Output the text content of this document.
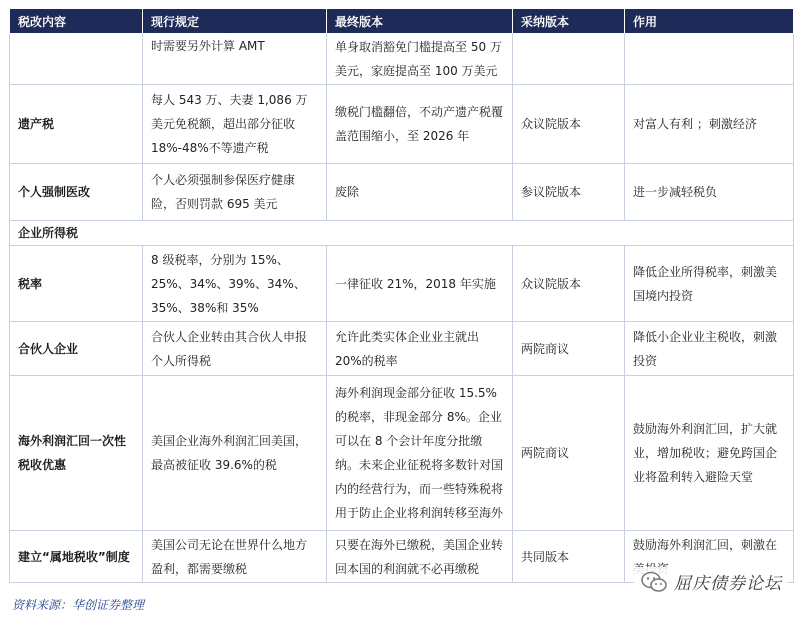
税改内容	现行规定	最终版本	采纳版本	作用
	时需要另外计算 AMT	单身取消豁免门槛提高至 50 万美元，家庭提高至 100 万美元		
遗产税	每人 543 万、夫妻 1,086 万美元免税额，超出部分征收 18%-48%不等遗产税	缴税门槛翻倍，不动产遗产税覆盖范围缩小，至 2026 年	众议院版本	对富人有利 ；刺激经济
个人强制医改	个人必须强制参保医疗健康险，否则罚款 695 美元	废除	参议院版本	进一步减轻税负
企业所得税				
税率	8 级税率，分别为 15%、25%、34%、39%、34%、35%、38%和 35%	一律征收 21%，2018 年实施	众议院版本	降低企业所得税率，刺激美国境内投资
合伙人企业	合伙人企业转由其合伙人申报个人所得税	允许此类实体企业业主就出 20%的税率	两院商议	降低小企业业主税收，刺激投资
海外利润汇回一次性税收优惠	美国企业海外利润汇回美国，最高被征收 39.6%的税	海外利润现金部分征收 15.5%的税率，非现金部分 8%。企业可以在 8 个会计年度分批缴纳。未来企业征税将多数针对国内的经营行为，而一些特殊税将用于防止企业将利润转移至海外	两院商议	鼓励海外利润汇回，扩大就业，增加税收；避免跨国企业将盈利转入避险天堂
建立“属地税收”制度	美国公司无论在世界什么地方盈利，都需要缴税	只要在海外已缴税，美国企业转回本国的利润就不必再缴税	共同版本	鼓励海外利润汇回，刺激在
资料来源：华创证券整理
屈庆债券论坛
